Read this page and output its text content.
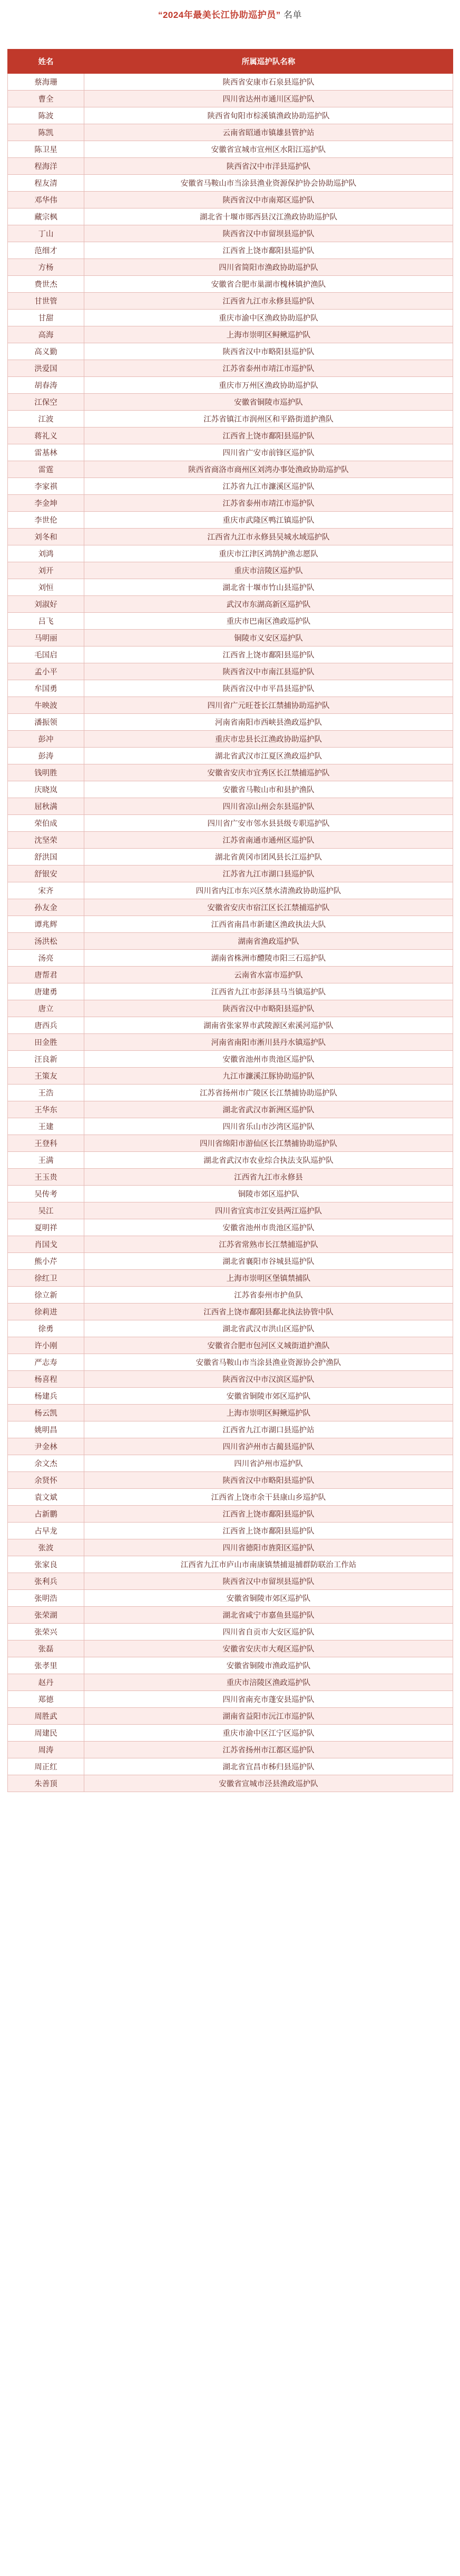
“2024年最美长江协助巡护员” 名单
姓名	所属巡护队名称
蔡海珊	陕西省安康市石泉县巡护队
曹全	四川省达州市通川区巡护队
陈波	陕西省旬阳市棕溪镇渔政协助巡护队
陈凯	云南省昭通市镇雄县管护站
陈卫星	安徽省宣城市宣州区水阳江巡护队
程海洋	陕西省汉中市洋县巡护队
程友清	安徽省马鞍山市当涂县渔业资源保护协会协助巡护队
邓华伟	陕西省汉中市南郑区巡护队
藏宗枫	湖北省十堰市郧西县汉江渔政协助巡护队
丁山	陕西省汉中市留坝县巡护队
范细才	江西省上饶市鄱阳县巡护队
方杨	四川省简阳市渔政协助巡护队
费世杰	安徽省合肥市巢湖市槐林镇护渔队
甘世管	江西省九江市永修县巡护队
甘甜	重庆市渝中区渔政协助巡护队
高海	上海市崇明区鲟鳅巡护队
高义勤	陕西省汉中市略阳县巡护队
洪爱国	江苏省泰州市靖江市巡护队
胡春涛	重庆市万州区渔政协助巡护队
江保空	安徽省铜陵市巡护队
江波	江苏省镇江市润州区和平路街道护渔队
蒋礼义	江西省上饶市鄱阳县巡护队
雷基林	四川省广安市前锋区巡护队
雷霆	陕西省商洛市商州区刘湾办事处渔政协助巡护队
李家祺	江苏省九江市濂溪区巡护队
李金坤	江苏省泰州市靖江市巡护队
李世伦	重庆市武隆区鸭江镇巡护队
刘冬和	江西省九江市永修县吴城水域巡护队
刘鸿	重庆市江津区鸿鹄护渔志愿队
刘开	重庆市涪陵区巡护队
刘恒	湖北省十堰市竹山县巡护队
刘淑好	武汉市东湖高新区巡护队
吕飞	重庆市巴南区渔政巡护队
马明丽	铜陵市义安区巡护队
毛国启	江西省上饶市鄱阳县巡护队
孟小平	陕西省汉中市南江县巡护队
牟国勇	陕西省汉中市平昌县巡护队
牛映波	四川省广元旺苍长江禁捕协助巡护队
潘振领	河南省南阳市西峡县渔政巡护队
彭冲	重庆市忠县长江渔政协助巡护队
彭涛	湖北省武汉市江夏区渔政巡护队
钱明胜	安徽省安庆市宜秀区长江禁捕巡护队
庆晓岚	安徽省马鞍山市和县护渔队
屈秋满	四川省凉山州会东县巡护队
荣伯成	四川省广安市邻水县县级专职巡护队
沈坚荣	江苏省南通市通州区巡护队
舒洪国	湖北省黄冈市团风县长江巡护队
舒银安	江苏省九江市湖口县巡护队
宋齐	四川省内江市东兴区禁水清渔政协助巡护队
孙友金	安徽省安庆市宿江区长江禁捕巡护队
谭兆辉	江西省南昌市新建区渔政执法大队
汤洪松	湖南省渔政巡护队
汤亮	湖南省株洲市醴陵市阳三石巡护队
唐帮君	云南省水富市巡护队
唐建勇	江西省九江市彭泽县马当镇巡护队
唐立	陕西省汉中市略阳县巡护队
唐西兵	湖南省张家界市武陵源区索溪河巡护队
田金胜	河南省南阳市淅川县丹水镇巡护队
汪良新	安徽省池州市贵池区巡护队
王策友	九江市濂溪江豚协助巡护队
王浩	江苏省扬州市广陵区长江禁捕协助巡护队
王华东	湖北省武汉市新洲区巡护队
王建	四川省乐山市沙湾区巡护队
王登科	四川省绵阳市游仙区长江禁捕协助巡护队
王满	湖北省武汉市农业综合执法支队巡护队
王玉贵	江西省九江市永修县
吴传考	铜陵市郊区巡护队
吴江	四川省宜宾市江安县两江巡护队
夏明祥	安徽省池州市贵池区巡护队
肖国戈	江苏省常熟市长江禁捕巡护队
熊小芹	湖北省襄阳市谷城县巡护队
徐红卫	上海市崇明区堡镇禁捕队
徐立新	江苏省泰州市护鱼队
徐莉进	江西省上饶市鄱阳县鄱北执法协管中队
徐勇	湖北省武汉市洪山区巡护队
许小刚	安徽省合肥市包河区义城街道护渔队
严志寿	安徽省马鞍山市当涂县渔业资源协会护渔队
杨喜程	陕西省汉中市汉滨区巡护队
杨建兵	安徽省铜陵市郊区巡护队
杨云凯	上海市崇明区鲟鳅巡护队
姚明昌	江西省九江市湖口县巡护站
尹金林	四川省泸州市古蔺县巡护队
余文杰	四川省泸州市巡护队
余贤怀	陕西省汉中市略阳县巡护队
袁文斌	江西省上饶市余干县康山乡巡护队
占新鹏	江西省上饶市鄱阳县巡护队
占早龙	江西省上饶市鄱阳县巡护队
张波	四川省德阳市旌阳区巡护队
张家良	江西省九江市庐山市南康镇禁捕退捕群防联治工作站
张利兵	陕西省汉中市留坝县巡护队
张明浩	安徽省铜陵市郊区巡护队
张荣湖	湖北省咸宁市嘉鱼县巡护队
张荣兴	四川省自贡市大安区巡护队
张磊	安徽省安庆市大观区巡护队
张孝里	安徽省铜陵市渔政巡护队
赵丹	重庆市涪陵区渔政巡护队
郑德	四川省南充市蓬安县巡护队
周胜武	湖南省益阳市沅江市巡护队
周建民	重庆市渝中区江宁区巡护队
周涛	江苏省扬州市江都区巡护队
周正红	湖北省宜昌市秭归县巡护队
朱善顶	安徽省宣城市泾县渔政巡护队
